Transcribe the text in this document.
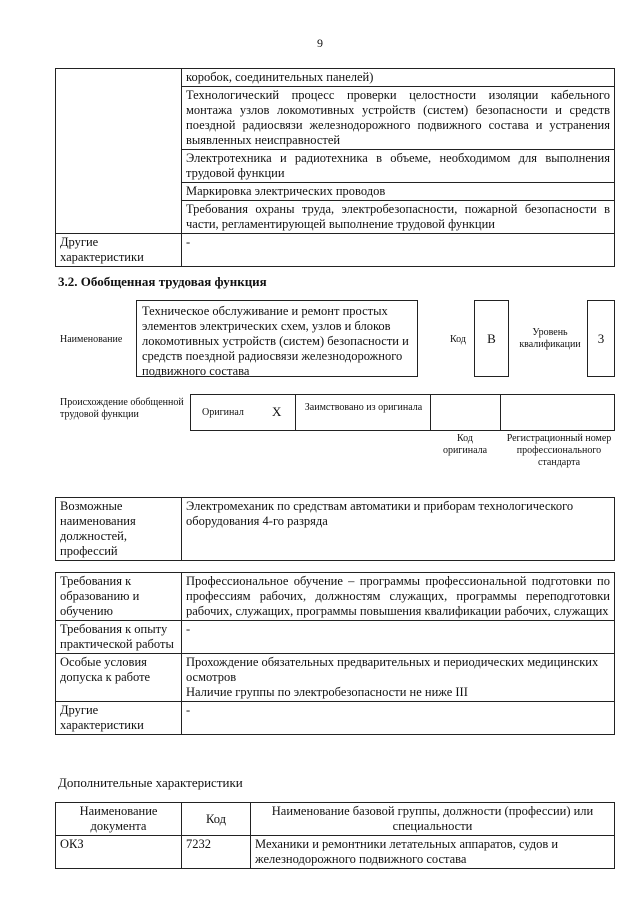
9
	коробок, соединительных панелей)
	Технологический процесс проверки целостности изоляции кабельного монтажа узлов локомотивных устройств (систем) безопасности и средств поездной радиосвязи железнодорожного подвижного состава и устранения выявленных неисправностей
	Электротехника и радиотехника в объеме, необходимом для выполнения трудовой функции
	Маркировка электрических проводов
	Требования охраны труда, электробезопасности, пожарной безопасности в части, регламентирующей выполнение трудовой функции
Другие характеристики	-
3.2. Обобщенная трудовая функция
Наименование
Техническое обслуживание и ремонт простых элементов электрических схем, узлов и блоков локомотивных устройств (систем) безопасности и средств поездной радиосвязи железнодорожного подвижного состава
Код B	Уровень квалификации	3
Происхождение обобщенной трудовой функции	Оригинал X	Заимствовано из оригинала
Код оригинала
Регистрационный номер профессионального стандарта
Возможные наименования должностей, профессий	Электромеханик по средствам автоматики и приборам технологического оборудования 4-го разряда
Требования к образованию и обучению	Профессиональное обучение – программы профессиональной подготовки по профессиям рабочих, должностям служащих, программы переподготовки рабочих, служащих, программы повышения квалификации рабочих, служащих
Требования к опыту практической работы	-
Особые условия допуска к работе	Прохождение обязательных предварительных и периодических медицинских осмотров
Наличие группы по электробезопасности не ниже III

Другие характеристики	-
Дополнительные характеристики
Наименование документа	Код	Наименование базовой группы, должности (профессии) или специальности
ОКЗ	7232	Механики и ремонтники летательных аппаратов, судов и железнодорожного подвижного состава
